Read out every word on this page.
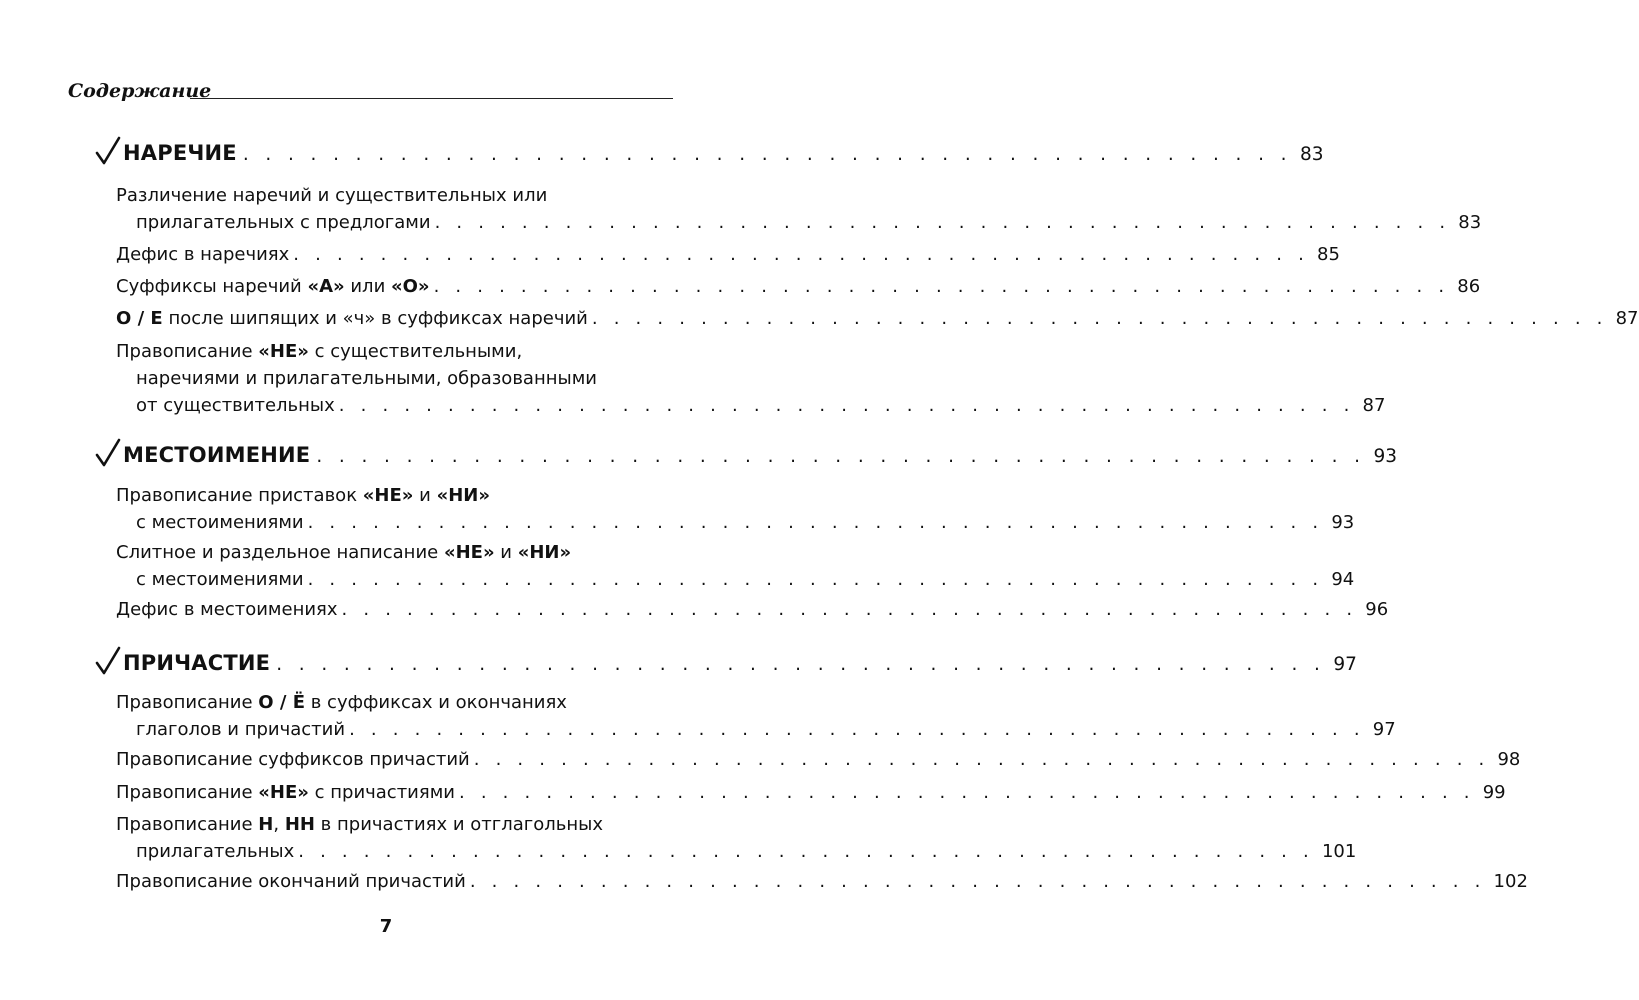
Содержание
НАРЕЧИЕ . . . . . . . . . . . . . . . . . . . . . . . . . . . . . . . . . . . . . . . . . . . . . . . 83
Различение наречий и существительных или
прилагательных с предлогами . . . . . . . . . . . . . . . . . . . . . . . . . . . . . . . . . . . . . . . . . . . . . . . 83
Дефис в наречиях . . . . . . . . . . . . . . . . . . . . . . . . . . . . . . . . . . . . . . . . . . . . . . . 85
Суффиксы наречий «А» или «О» . . . . . . . . . . . . . . . . . . . . . . . . . . . . . . . . . . . . . . . . . . . . . . . 86
О / Е после шипящих и «ч» в суффиксах наречий . . . . . . . . . . . . . . . . . . . . . . . . . . . . . . . . . . . . . . . . . . . . . . . 87
Правописание «НЕ» с существительными,
наречиями и прилагательными, образованными
от существительных . . . . . . . . . . . . . . . . . . . . . . . . . . . . . . . . . . . . . . . . . . . . . . . 87
МЕСТОИМЕНИЕ . . . . . . . . . . . . . . . . . . . . . . . . . . . . . . . . . . . . . . . . . . . . . . . 93
Правописание приставок «НЕ» и «НИ»
с местоимениями . . . . . . . . . . . . . . . . . . . . . . . . . . . . . . . . . . . . . . . . . . . . . . . 93
Слитное и раздельное написание «НЕ» и «НИ»
с местоимениями . . . . . . . . . . . . . . . . . . . . . . . . . . . . . . . . . . . . . . . . . . . . . . . 94
Дефис в местоимениях . . . . . . . . . . . . . . . . . . . . . . . . . . . . . . . . . . . . . . . . . . . . . . . 96
ПРИЧАСТИЕ . . . . . . . . . . . . . . . . . . . . . . . . . . . . . . . . . . . . . . . . . . . . . . . 97
Правописание О / Ё в суффиксах и окончаниях
глаголов и причастий . . . . . . . . . . . . . . . . . . . . . . . . . . . . . . . . . . . . . . . . . . . . . . . 97
Правописание суффиксов причастий . . . . . . . . . . . . . . . . . . . . . . . . . . . . . . . . . . . . . . . . . . . . . . . 98
Правописание «НЕ» с причастиями . . . . . . . . . . . . . . . . . . . . . . . . . . . . . . . . . . . . . . . . . . . . . . . 99
Правописание Н, НН в причастиях и отглагольных
прилагательных . . . . . . . . . . . . . . . . . . . . . . . . . . . . . . . . . . . . . . . . . . . . . . . 101
Правописание окончаний причастий . . . . . . . . . . . . . . . . . . . . . . . . . . . . . . . . . . . . . . . . . . . . . . . 102
7
